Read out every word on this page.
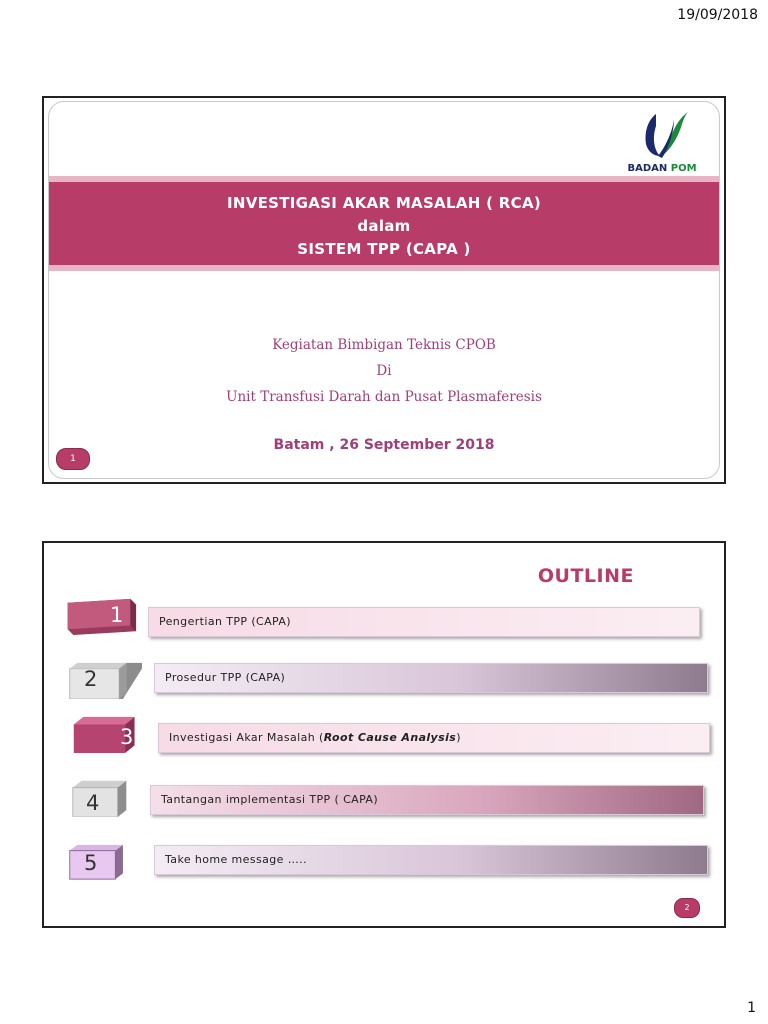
19/09/2018
BADAN POM
INVESTIGASI AKAR MASALAH ( RCA)
dalam
SISTEM TPP (CAPA )
Kegiatan Bimbigan Teknis CPOB
Di
Unit Transfusi Darah dan Pusat Plasmaferesis
Batam , 26 September 2018
1
OUTLINE
1	Pengertian TPP (CAPA)
2	Prosedur TPP (CAPA)
3	Investigasi Akar Masalah (Root Cause Analysis)
4	Tantangan implementasi TPP ( CAPA)
5	Take home message …..
2
1
